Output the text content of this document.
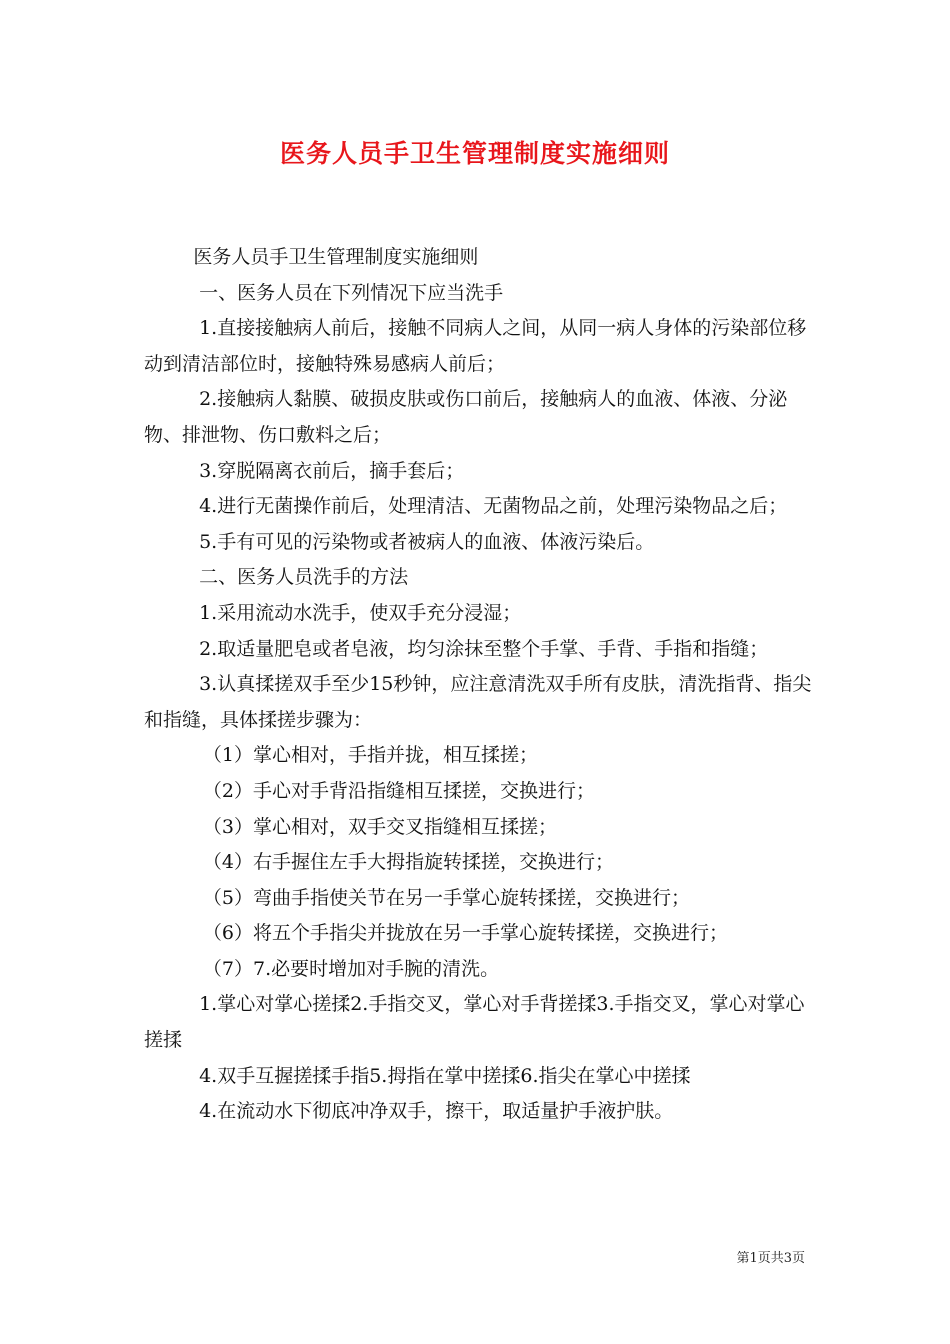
医务人员手卫生管理制度实施细则

医务人员手卫生管理制度实施细则

一、医务人员在下列情况下应当洗手

1.直接接触病人前后，接触不同病人之间，从同一病人身体的污染部位移动到清洁部位时，接触特殊易感病人前后；

2.接触病人黏膜、破损皮肤或伤口前后，接触病人的血液、体液、分泌物、排泄物、伤口敷料之后；

3.穿脱隔离衣前后，摘手套后；

4.进行无菌操作前后，处理清洁、无菌物品之前，处理污染物品之后；

5.手有可见的污染物或者被病人的血液、体液污染后。

二、医务人员洗手的方法

1.采用流动水洗手，使双手充分浸湿；

2.取适量肥皂或者皂液，均匀涂抹至整个手掌、手背、手指和指缝；

3.认真揉搓双手至少15秒钟，应注意清洗双手所有皮肤，清洗指背、指尖和指缝，具体揉搓步骤为：

（1）掌心相对，手指并拢，相互揉搓；

（2）手心对手背沿指缝相互揉搓，交换进行；

（3）掌心相对，双手交叉指缝相互揉搓；

（4）右手握住左手大拇指旋转揉搓，交换进行；

（5）弯曲手指使关节在另一手掌心旋转揉搓，交换进行；

（6）将五个手指尖并拢放在另一手掌心旋转揉搓，交换进行；

（7）7.必要时增加对手腕的清洗。

1.掌心对掌心搓揉2.手指交叉，掌心对手背搓揉3.手指交叉，掌心对掌心搓揉

4.双手互握搓揉手指5.拇指在掌中搓揉6.指尖在掌心中搓揉

4.在流动水下彻底冲净双手，擦干，取适量护手液护肤。

第1页共3页
